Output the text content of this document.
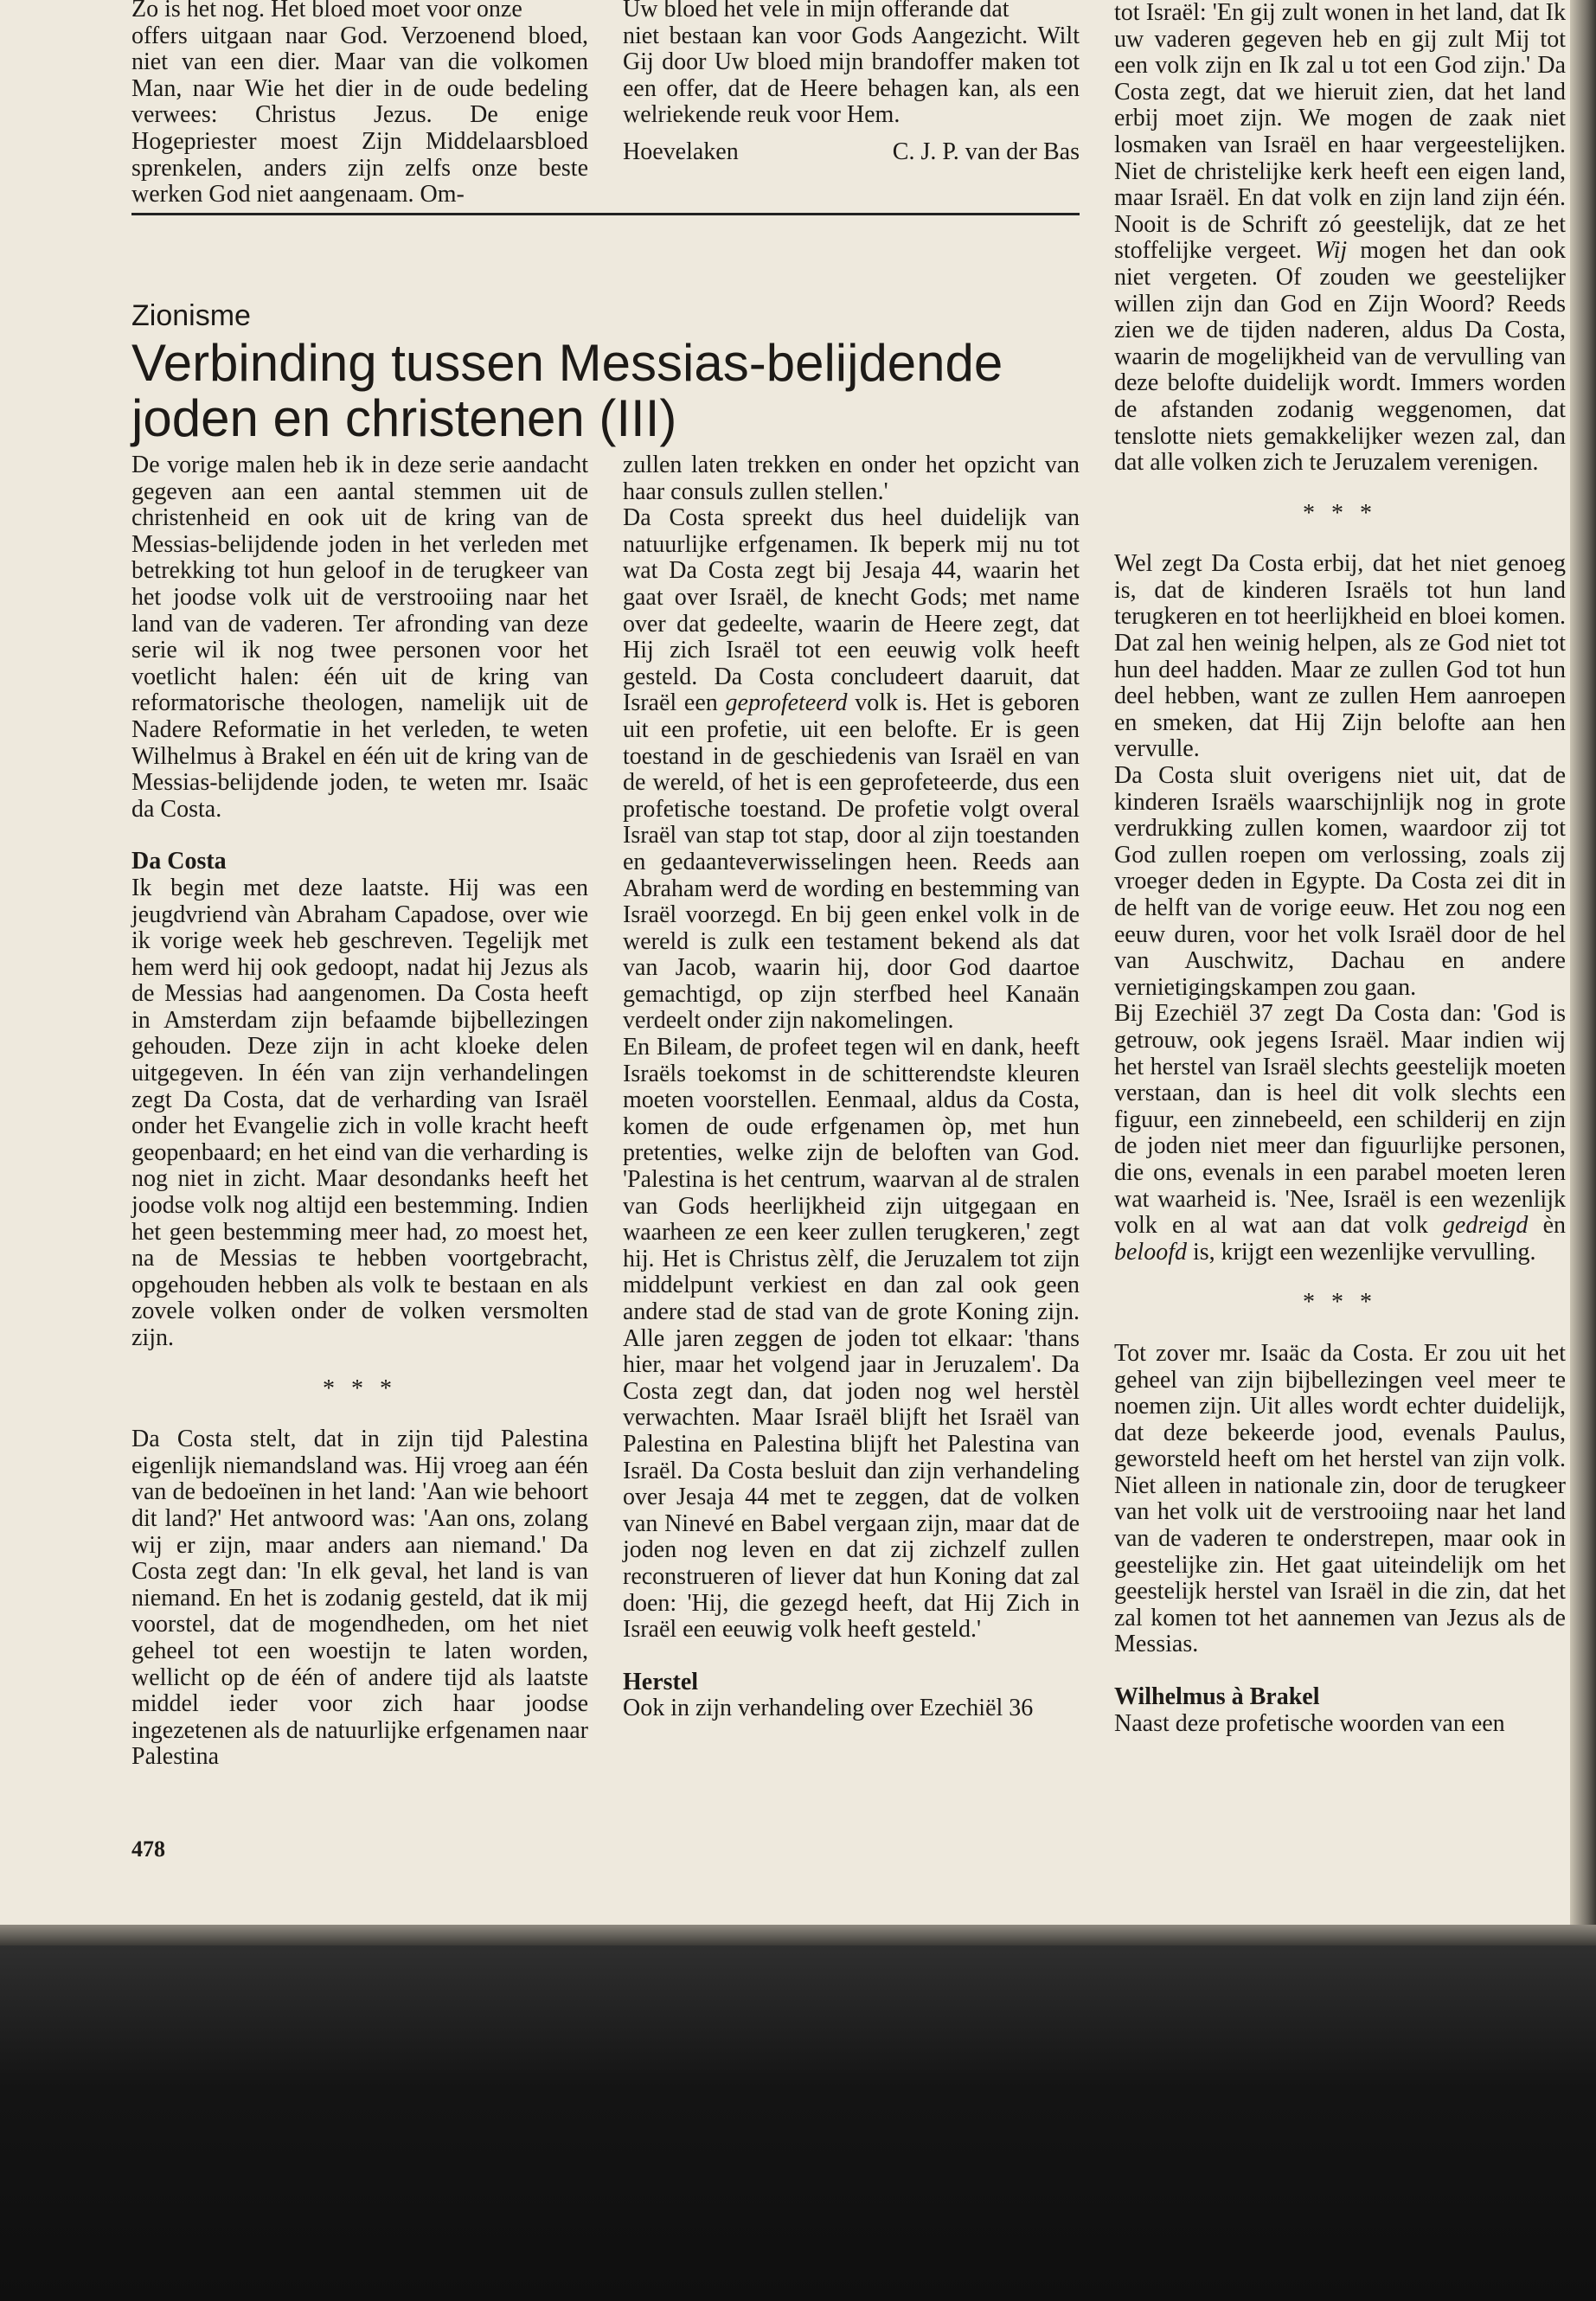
Zo is het nog. Het bloed moet voor onze

offers uitgaan naar God. Verzoenend bloed, niet van een dier. Maar van die volkomen Man, naar Wie het dier in de oude bedeling verwees: Christus Jezus. De enige Hogepriester moest Zijn Middelaarsbloed sprenkelen, anders zijn zelfs onze beste werken God niet aangenaam. Om-

Uw bloed het vele in mijn offerande dat

niet bestaan kan voor Gods Aangezicht. Wilt Gij door Uw bloed mijn brandoffer maken tot een offer, dat de Heere behagen kan, als een welriekende reuk voor Hem.

Hoevelaken	C. J. P. van der Bas
Zionisme
Verbinding tussen Messias-belijdende joden en christenen (III)

De vorige malen heb ik in deze serie aandacht gegeven aan een aantal stemmen uit de christenheid en ook uit de kring van de Messias-belijdende joden in het verleden met betrekking tot hun geloof in de terugkeer van het joodse volk uit de verstrooiing naar het land van de vaderen. Ter afronding van deze serie wil ik nog twee personen voor het voetlicht halen: één uit de kring van reformatorische theologen, namelijk uit de Nadere Reformatie in het verleden, te weten Wilhelmus à Brakel en één uit de kring van de Messias-belijdende joden, te weten mr. Isaäc da Costa.

Da Costa

Ik begin met deze laatste. Hij was een jeugdvriend vàn Abraham Capadose, over wie ik vorige week heb geschreven. Tegelijk met hem werd hij ook gedoopt, nadat hij Jezus als de Messias had aangenomen. Da Costa heeft in Amsterdam zijn befaamde bijbellezingen gehouden. Deze zijn in acht kloeke delen uitgegeven. In één van zijn verhandelingen zegt Da Costa, dat de verharding van Israël onder het Evangelie zich in volle kracht heeft geopenbaard; en het eind van die verharding is nog niet in zicht. Maar desondanks heeft het joodse volk nog altijd een bestemming. Indien het geen bestemming meer had, zo moest het, na de Messias te hebben voortgebracht, opgehouden hebben als volk te bestaan en als zovele volken onder de volken versmolten zijn.

* * *

Da Costa stelt, dat in zijn tijd Palestina eigenlijk niemandsland was. Hij vroeg aan één van de bedoeïnen in het land: 'Aan wie behoort dit land?' Het antwoord was: 'Aan ons, zolang wij er zijn, maar anders aan niemand.' Da Costa zegt dan: 'In elk geval, het land is van niemand. En het is zodanig gesteld, dat ik mij voorstel, dat de mogendheden, om het niet geheel tot een woestijn te laten worden, wellicht op de één of andere tijd als laatste middel ieder voor zich haar joodse ingezetenen als de natuurlijke erfgenamen naar Palestina

zullen laten trekken en onder het opzicht van haar consuls zullen stellen.'

Da Costa spreekt dus heel duidelijk van natuurlijke erfgenamen. Ik beperk mij nu tot wat Da Costa zegt bij Jesaja 44, waarin het gaat over Israël, de knecht Gods; met name over dat gedeelte, waarin de Heere zegt, dat Hij zich Israël tot een eeuwig volk heeft gesteld. Da Costa concludeert daaruit, dat Israël een geprofeteerd volk is. Het is geboren uit een profetie, uit een belofte. Er is geen toestand in de geschiedenis van Israël en van de wereld, of het is een geprofeteerde, dus een profetische toestand. De profetie volgt overal Israël van stap tot stap, door al zijn toestanden en gedaanteverwisselingen heen. Reeds aan Abraham werd de wording en bestemming van Israël voorzegd. En bij geen enkel volk in de wereld is zulk een testament bekend als dat van Jacob, waarin hij, door God daartoe gemachtigd, op zijn sterfbed heel Kanaän verdeelt onder zijn nakomelingen.

En Bileam, de profeet tegen wil en dank, heeft Israëls toekomst in de schitterendste kleuren moeten voorstellen. Eenmaal, aldus da Costa, komen de oude erfgenamen òp, met hun pretenties, welke zijn de beloften van God. 'Palestina is het centrum, waarvan al de stralen van Gods heerlijkheid zijn uitgegaan en waarheen ze een keer zullen terugkeren,' zegt hij. Het is Christus zèlf, die Jeruzalem tot zijn middelpunt verkiest en dan zal ook geen andere stad de stad van de grote Koning zijn. Alle jaren zeggen de joden tot elkaar: 'thans hier, maar het volgend jaar in Jeruzalem'. Da Costa zegt dan, dat joden nog wel herstèl verwachten. Maar Israël blijft het Israël van Palestina en Palestina blijft het Palestina van Israël. Da Costa besluit dan zijn verhandeling over Jesaja 44 met te zeggen, dat de volken van Ninevé en Babel vergaan zijn, maar dat de joden nog leven en dat zij zichzelf zullen reconstrueren of liever dat hun Koning dat zal doen: 'Hij, die gezegd heeft, dat Hij Zich in Israël een eeuwig volk heeft gesteld.'

Herstel

Ook in zijn verhandeling over Ezechiël 36

tot Israël: 'En gij zult wonen in het land, dat Ik uw vaderen gegeven heb en gij zult Mij tot een volk zijn en Ik zal u tot een God zijn.' Da Costa zegt, dat we hieruit zien, dat het land erbij moet zijn. We mogen de zaak niet losmaken van Israël en haar vergeestelijken. Niet de christelijke kerk heeft een eigen land, maar Israël. En dat volk en zijn land zijn één. Nooit is de Schrift zó geestelijk, dat ze het stoffelijke vergeet. Wij mogen het dan ook niet vergeten. Of zouden we geestelijker willen zijn dan God en Zijn Woord? Reeds zien we de tijden naderen, aldus Da Costa, waarin de mogelijkheid van de vervulling van deze belofte duidelijk wordt. Immers worden de afstanden zodanig weggenomen, dat tenslotte niets gemakkelijker wezen zal, dan dat alle volken zich te Jeruzalem verenigen.

* * *

Wel zegt Da Costa erbij, dat het niet genoeg is, dat de kinderen Israëls tot hun land terugkeren en tot heerlijkheid en bloei komen. Dat zal hen weinig helpen, als ze God niet tot hun deel hadden. Maar ze zullen God tot hun deel hebben, want ze zullen Hem aanroepen en smeken, dat Hij Zijn belofte aan hen vervulle.

Da Costa sluit overigens niet uit, dat de kinderen Israëls waarschijnlijk nog in grote verdrukking zullen komen, waardoor zij tot God zullen roepen om verlossing, zoals zij vroeger deden in Egypte. Da Costa zei dit in de helft van de vorige eeuw. Het zou nog een eeuw duren, voor het volk Israël door de hel van Auschwitz, Dachau en andere vernietigingskampen zou gaan.

Bij Ezechiël 37 zegt Da Costa dan: 'God is getrouw, ook jegens Israël. Maar indien wij het herstel van Israël slechts geestelijk moeten verstaan, dan is heel dit volk slechts een figuur, een zinnebeeld, een schilderij en zijn de joden niet meer dan figuurlijke personen, die ons, evenals in een parabel moeten leren wat waarheid is. 'Nee, Israël is een wezenlijk volk en al wat aan dat volk gedreigd èn beloofd is, krijgt een wezenlijke vervulling.

* * *

Tot zover mr. Isaäc da Costa. Er zou uit het geheel van zijn bijbellezingen veel meer te noemen zijn. Uit alles wordt echter duidelijk, dat deze bekeerde jood, evenals Paulus, geworsteld heeft om het herstel van zijn volk. Niet alleen in nationale zin, door de terugkeer van het volk uit de verstrooiing naar het land van de vaderen te onderstrepen, maar ook in geestelijke zin. Het gaat uiteindelijk om het geestelijk herstel van Israël in die zin, dat het zal komen tot het aannemen van Jezus als de Messias.

Wilhelmus à Brakel

Naast deze profetische woorden van een

478
